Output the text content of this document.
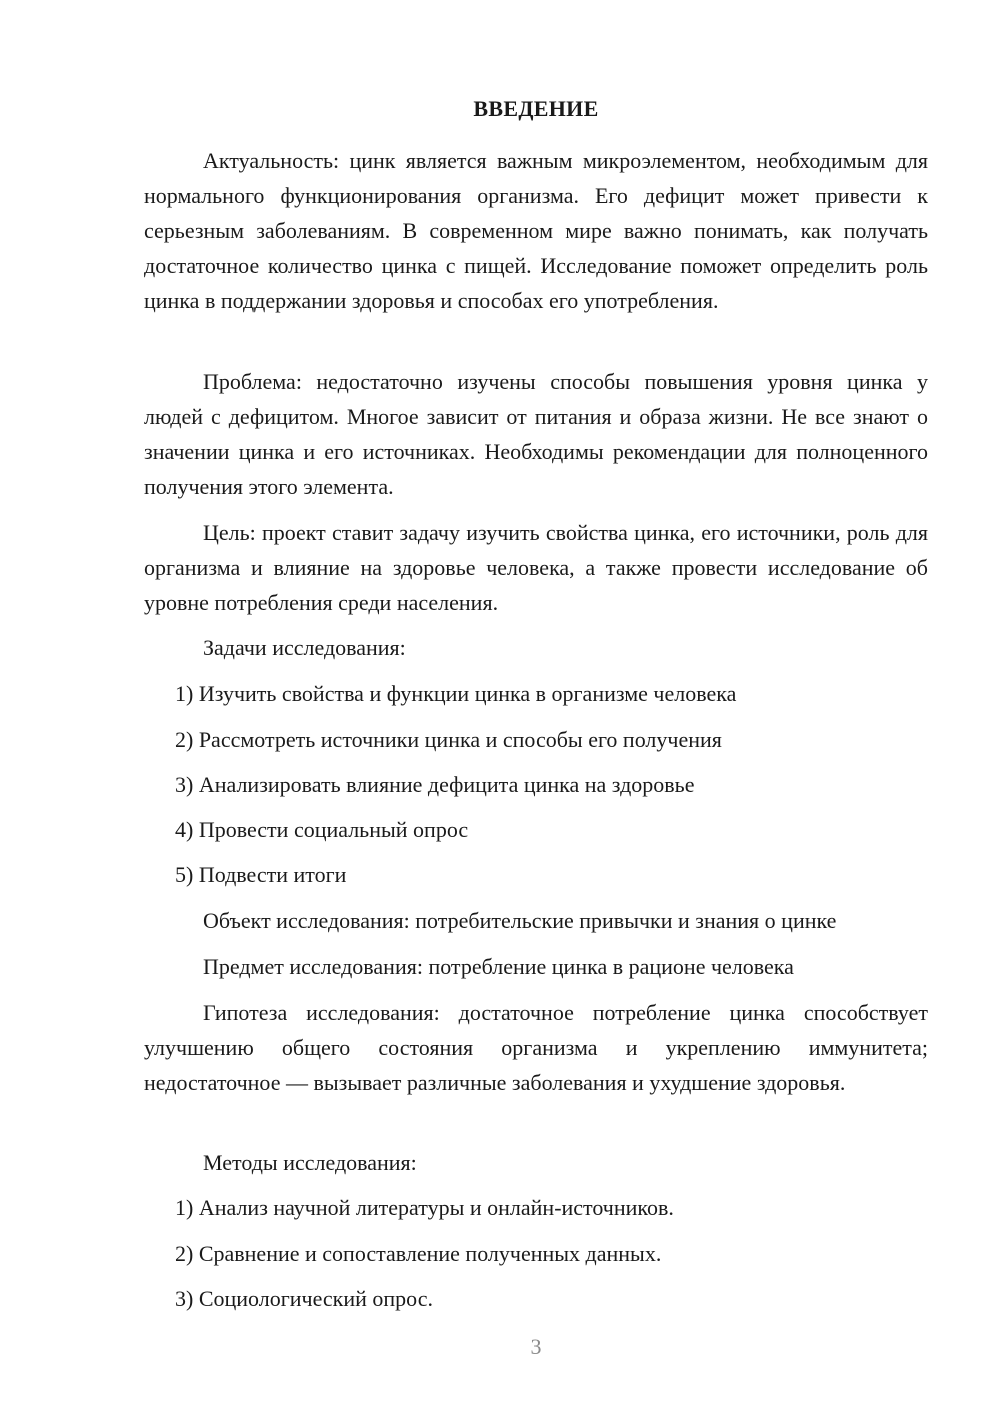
ВВЕДЕНИЕ

Актуальность: цинк является важным микроэлементом, необходимым для нормального функционирования организма. Его дефицит может привести к серьезным заболеваниям. В современном мире важно понимать, как получать достаточное количество цинка с пищей. Исследование поможет определить роль цинка в поддержании здоровья и способах его употребления.

Проблема: недостаточно изучены способы повышения уровня цинка у людей с дефицитом. Многое зависит от питания и образа жизни. Не все знают о значении цинка и его источниках. Необходимы рекомендации для полноценного получения этого элемента.

Цель: проект ставит задачу изучить свойства цинка, его источники, роль для организма и влияние на здоровье человека, а также провести исследование об уровне потребления среди населения.

Задачи исследования:

1) Изучить свойства и функции цинка в организме человека

2) Рассмотреть источники цинка и способы его получения

3) Анализировать влияние дефицита цинка на здоровье

4) Провести социальный опрос

5) Подвести итоги

Объект исследования: потребительские привычки и знания о цинке

Предмет исследования: потребление цинка в рационе человека

Гипотеза исследования: достаточное потребление цинка способствует улучшению общего состояния организма и укреплению иммунитета; недостаточное — вызывает различные заболевания и ухудшение здоровья.

Методы исследования:

1) Анализ научной литературы и онлайн-источников.

2) Сравнение и сопоставление полученных данных.

3) Социологический опрос.

3
